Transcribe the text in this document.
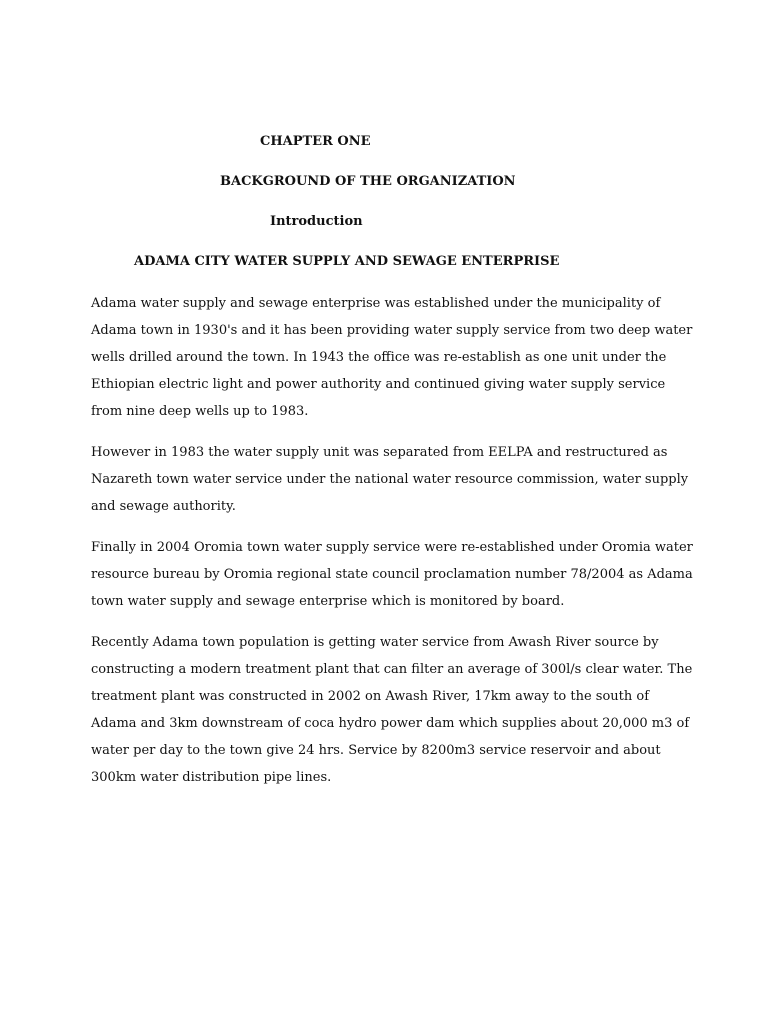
CHAPTER ONE
BACKGROUND OF THE ORGANIZATION
Introduction
ADAMA CITY WATER SUPPLY AND SEWAGE ENTERPRISE

Adama water supply and sewage enterprise was established under the municipality of
Adama town in 1930's and it has been providing water supply service from two deep water
wells drilled around the town. In 1943 the office was re-establish as one unit under the
Ethiopian electric light and power authority and continued giving water supply service
from nine deep wells up to 1983.

However in 1983 the water supply unit was separated from EELPA and restructured as
Nazareth town water service under the national water resource commission, water supply
and sewage authority.

Finally in 2004 Oromia town water supply service were re-established under Oromia water
resource bureau by Oromia regional state council proclamation number 78/2004 as Adama
town water supply and sewage enterprise which is monitored by board.

Recently Adama town population is getting water service from Awash River source by
constructing a modern treatment plant that can filter an average of 300l/s clear water. The
treatment plant was constructed in 2002 on Awash River, 17km away to the south of
Adama and 3km downstream of coca hydro power dam which supplies about 20,000 m3 of
water per day to the town give 24 hrs. Service by 8200m3 service reservoir and about
300km water distribution pipe lines.
